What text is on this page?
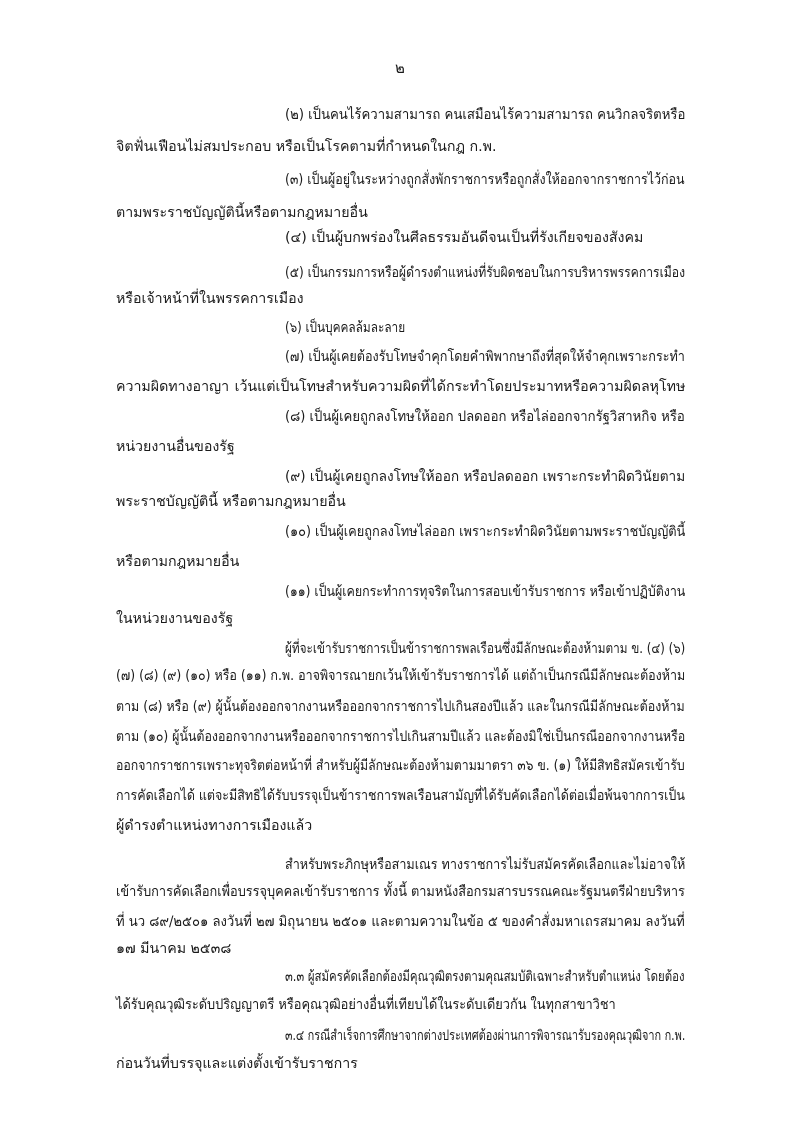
๒
(๒) เป็นคนไร้ความสามารถ คนเสมือนไร้ความสามารถ คนวิกลจริตหรือ
จิตฟั่นเฟือนไม่สมประกอบ หรือเป็นโรคตามที่กำหนดในกฎ ก.พ.
(๓) เป็นผู้อยู่ในระหว่างถูกสั่งพักราชการหรือถูกสั่งให้ออกจากราชการไว้ก่อน
ตามพระราชบัญญัตินี้หรือตามกฎหมายอื่น
(๔) เป็นผู้บกพร่องในศีลธรรมอันดีจนเป็นที่รังเกียจของสังคม
(๕) เป็นกรรมการหรือผู้ดำรงตำแหน่งที่รับผิดชอบในการบริหารพรรคการเมือง
หรือเจ้าหน้าที่ในพรรคการเมือง
(๖) เป็นบุคคลล้มละลาย
(๗) เป็นผู้เคยต้องรับโทษจำคุกโดยคำพิพากษาถึงที่สุดให้จำคุกเพราะกระทำ
ความผิดทางอาญา เว้นแต่เป็นโทษสำหรับความผิดที่ได้กระทำโดยประมาทหรือความผิดลหุโทษ
(๘) เป็นผู้เคยถูกลงโทษให้ออก ปลดออก หรือไล่ออกจากรัฐวิสาหกิจ หรือ
หน่วยงานอื่นของรัฐ
(๙) เป็นผู้เคยถูกลงโทษให้ออก หรือปลดออก เพราะกระทำผิดวินัยตาม
พระราชบัญญัตินี้ หรือตามกฎหมายอื่น
(๑๐) เป็นผู้เคยถูกลงโทษไล่ออก เพราะกระทำผิดวินัยตามพระราชบัญญัตินี้
หรือตามกฎหมายอื่น
(๑๑) เป็นผู้เคยกระทำการทุจริตในการสอบเข้ารับราชการ หรือเข้าปฏิบัติงาน
ในหน่วยงานของรัฐ
ผู้ที่จะเข้ารับราชการเป็นข้าราชการพลเรือนซึ่งมีลักษณะต้องห้ามตาม ข. (๔) (๖)
(๗) (๘) (๙) (๑๐) หรือ (๑๑) ก.พ. อาจพิจารณายกเว้นให้เข้ารับราชการได้ แต่ถ้าเป็นกรณีมีลักษณะต้องห้าม
ตาม (๘) หรือ (๙) ผู้นั้นต้องออกจากงานหรือออกจากราชการไปเกินสองปีแล้ว และในกรณีมีลักษณะต้องห้าม
ตาม (๑๐) ผู้นั้นต้องออกจากงานหรือออกจากราชการไปเกินสามปีแล้ว และต้องมิใช่เป็นกรณีออกจากงานหรือ
ออกจากราชการเพราะทุจริตต่อหน้าที่ สำหรับผู้มีลักษณะต้องห้ามตามมาตรา ๓๖ ข. (๑) ให้มีสิทธิสมัครเข้ารับ
การคัดเลือกได้ แต่จะมีสิทธิได้รับบรรจุเป็นข้าราชการพลเรือนสามัญที่ได้รับคัดเลือกได้ต่อเมื่อพ้นจากการเป็น
ผู้ดำรงตำแหน่งทางการเมืองแล้ว
สำหรับพระภิกษุหรือสามเณร ทางราชการไม่รับสมัครคัดเลือกและไม่อาจให้
เข้ารับการคัดเลือกเพื่อบรรจุบุคคลเข้ารับราชการ ทั้งนี้ ตามหนังสือกรมสารบรรณคณะรัฐมนตรีฝ่ายบริหาร
ที่ นว ๘๙/๒๕๐๑ ลงวันที่ ๒๗ มิถุนายน ๒๕๐๑ และตามความในข้อ ๕ ของคำสั่งมหาเถรสมาคม ลงวันที่
๑๗ มีนาคม ๒๕๓๘
๓.๓ ผู้สมัครคัดเลือกต้องมีคุณวุฒิตรงตามคุณสมบัติเฉพาะสำหรับตำแหน่ง โดยต้อง
ได้รับคุณวุฒิระดับปริญญาตรี หรือคุณวุฒิอย่างอื่นที่เทียบได้ในระดับเดียวกัน ในทุกสาขาวิชา
๓.๔ กรณีสำเร็จการศึกษาจากต่างประเทศต้องผ่านการพิจารณารับรองคุณวุฒิจาก ก.พ.
ก่อนวันที่บรรจุและแต่งตั้งเข้ารับราชการ
